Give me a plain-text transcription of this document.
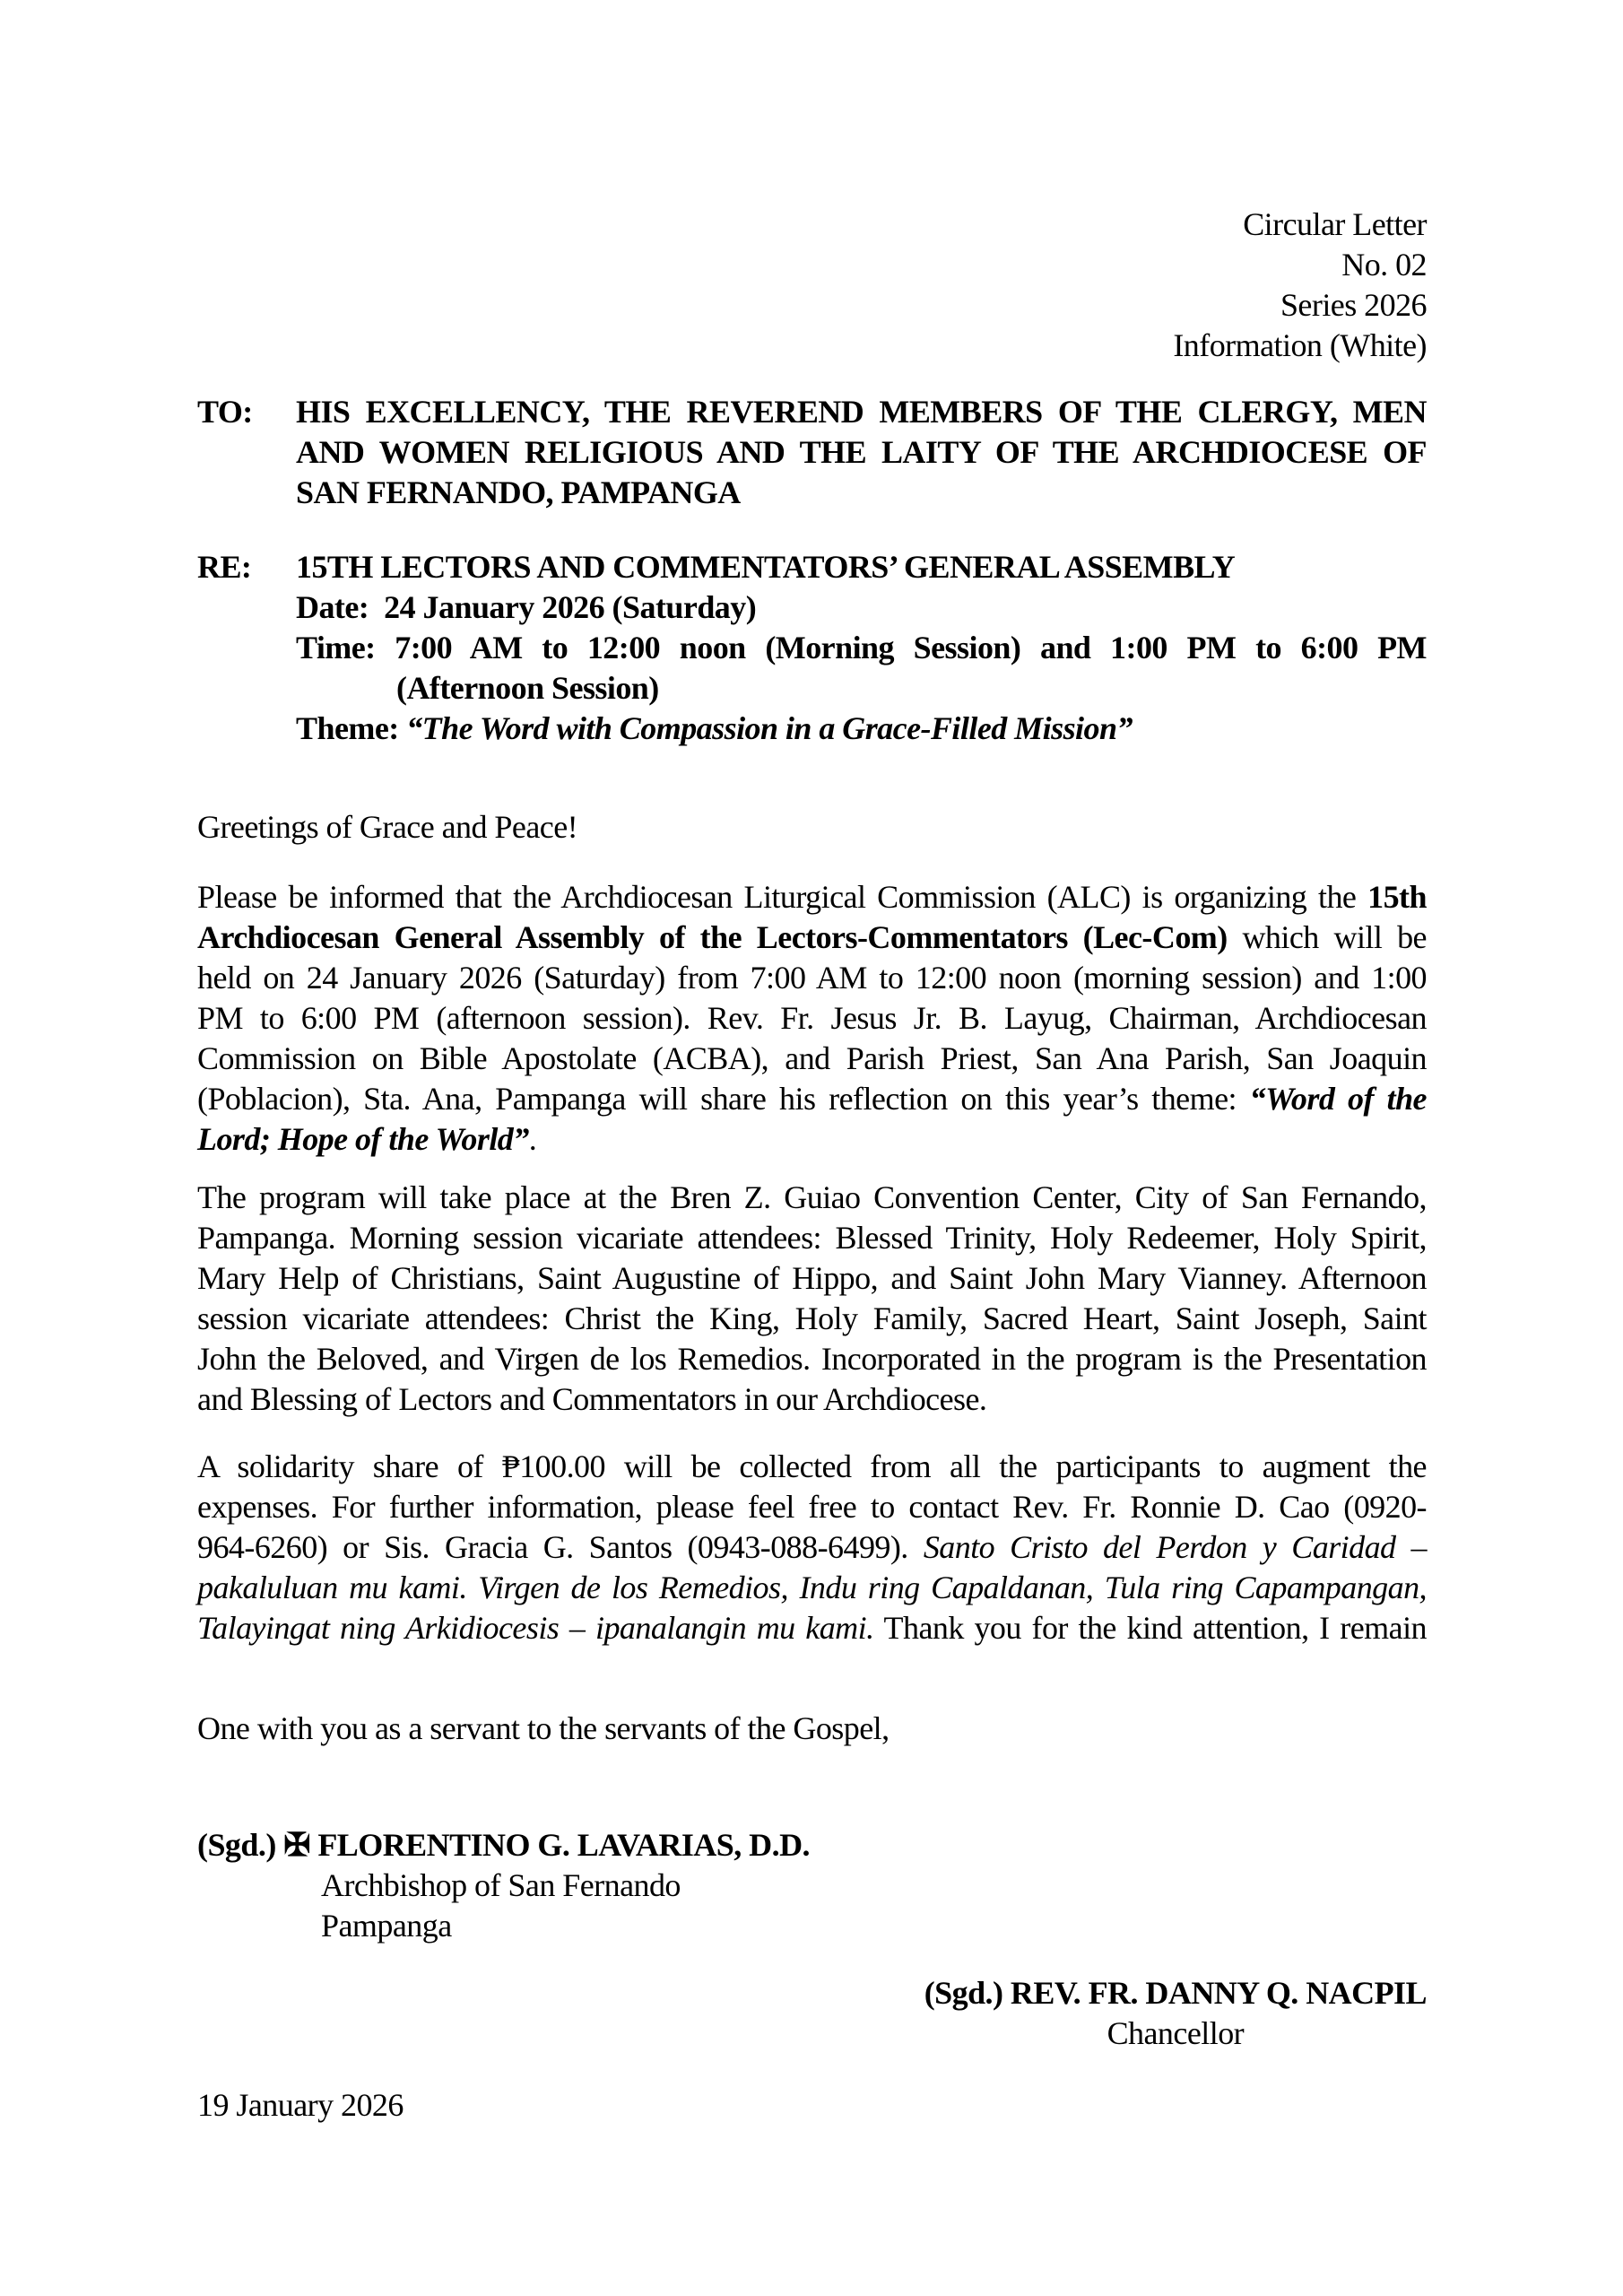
Circular Letter
No. 02
Series 2026
Information (White)
TO: HIS EXCELLENCY, THE REVEREND MEMBERS OF THE CLERGY, MEN
AND WOMEN RELIGIOUS AND THE LAITY OF THE ARCHDIOCESE OF
SAN FERNANDO, PAMPANGA
RE: 15TH LECTORS AND COMMENTATORS’ GENERAL ASSEMBLY
Date:  24 January 2026 (Saturday)
Time: 7:00 AM to 12:00 noon (Morning Session) and 1:00 PM to 6:00 PM
(Afternoon Session)
Theme: “The Word with Compassion in a Grace-Filled Mission”
Greetings of Grace and Peace!
Please be informed that the Archdiocesan Liturgical Commission (ALC) is organizing the 15th
Archdiocesan General Assembly of the Lectors-Commentators (Lec-Com) which will be
held on 24 January 2026 (Saturday) from 7:00 AM to 12:00 noon (morning session) and 1:00
PM to 6:00 PM (afternoon session). Rev. Fr. Jesus Jr. B. Layug, Chairman, Archdiocesan
Commission on Bible Apostolate (ACBA), and Parish Priest, San Ana Parish, San Joaquin
(Poblacion), Sta. Ana, Pampanga will share his reflection on this year’s theme: “Word of the
Lord; Hope of the World”.
The program will take place at the Bren Z. Guiao Convention Center, City of San Fernando,
Pampanga. Morning session vicariate attendees: Blessed Trinity, Holy Redeemer, Holy Spirit,
Mary Help of Christians, Saint Augustine of Hippo, and Saint John Mary Vianney. Afternoon
session vicariate attendees: Christ the King, Holy Family, Sacred Heart, Saint Joseph, Saint
John the Beloved, and Virgen de los Remedios. Incorporated in the program is the Presentation
and Blessing of Lectors and Commentators in our Archdiocese.
A solidarity share of ₱100.00 will be collected from all the participants to augment the
expenses. For further information, please feel free to contact Rev. Fr. Ronnie D. Cao (0920-
964-6260) or Sis. Gracia G. Santos (0943-088-6499). Santo Cristo del Perdon y Caridad –
pakaluluan mu kami. Virgen de los Remedios, Indu ring Capaldanan, Tula ring Capampangan,
Talayingat ning Arkidiocesis – ipanalangin mu kami. Thank you for the kind attention, I remain
One with you as a servant to the servants of the Gospel,
(Sgd.) ✠ FLORENTINO G. LAVARIAS, D.D.
Archbishop of San Fernando
Pampanga
(Sgd.) REV. FR. DANNY Q. NACPIL
Chancellor
19 January 2026
